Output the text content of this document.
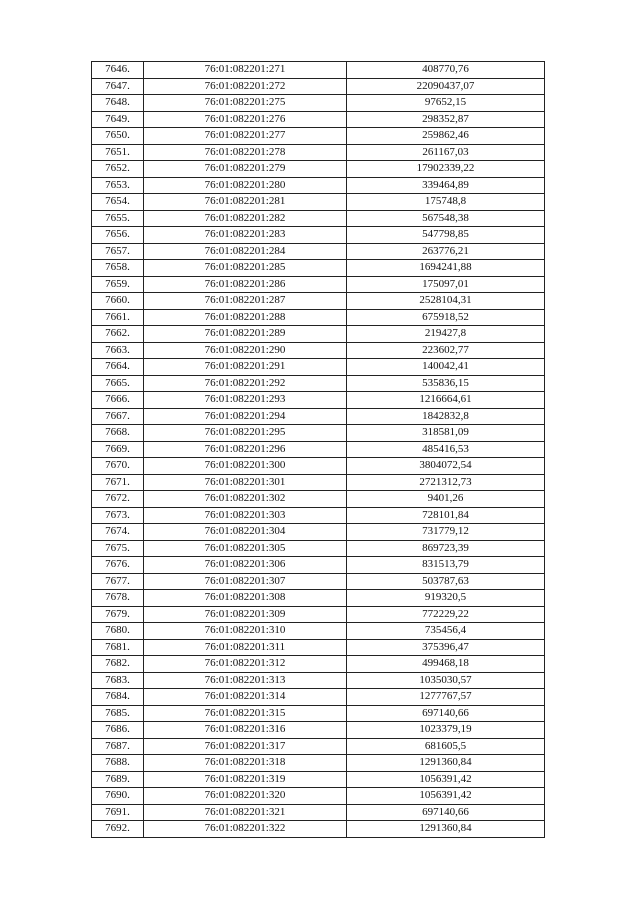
7646.	76:01:082201:271	408770,76
7647.	76:01:082201:272	22090437,07
7648.	76:01:082201:275	97652,15
7649.	76:01:082201:276	298352,87
7650.	76:01:082201:277	259862,46
7651.	76:01:082201:278	261167,03
7652.	76:01:082201:279	17902339,22
7653.	76:01:082201:280	339464,89
7654.	76:01:082201:281	175748,8
7655.	76:01:082201:282	567548,38
7656.	76:01:082201:283	547798,85
7657.	76:01:082201:284	263776,21
7658.	76:01:082201:285	1694241,88
7659.	76:01:082201:286	175097,01
7660.	76:01:082201:287	2528104,31
7661.	76:01:082201:288	675918,52
7662.	76:01:082201:289	219427,8
7663.	76:01:082201:290	223602,77
7664.	76:01:082201:291	140042,41
7665.	76:01:082201:292	535836,15
7666.	76:01:082201:293	1216664,61
7667.	76:01:082201:294	1842832,8
7668.	76:01:082201:295	318581,09
7669.	76:01:082201:296	485416,53
7670.	76:01:082201:300	3804072,54
7671.	76:01:082201:301	2721312,73
7672.	76:01:082201:302	9401,26
7673.	76:01:082201:303	728101,84
7674.	76:01:082201:304	731779,12
7675.	76:01:082201:305	869723,39
7676.	76:01:082201:306	831513,79
7677.	76:01:082201:307	503787,63
7678.	76:01:082201:308	919320,5
7679.	76:01:082201:309	772229,22
7680.	76:01:082201:310	735456,4
7681.	76:01:082201:311	375396,47
7682.	76:01:082201:312	499468,18
7683.	76:01:082201:313	1035030,57
7684.	76:01:082201:314	1277767,57
7685.	76:01:082201:315	697140,66
7686.	76:01:082201:316	1023379,19
7687.	76:01:082201:317	681605,5
7688.	76:01:082201:318	1291360,84
7689.	76:01:082201:319	1056391,42
7690.	76:01:082201:320	1056391,42
7691.	76:01:082201:321	697140,66
7692.	76:01:082201:322	1291360,84
